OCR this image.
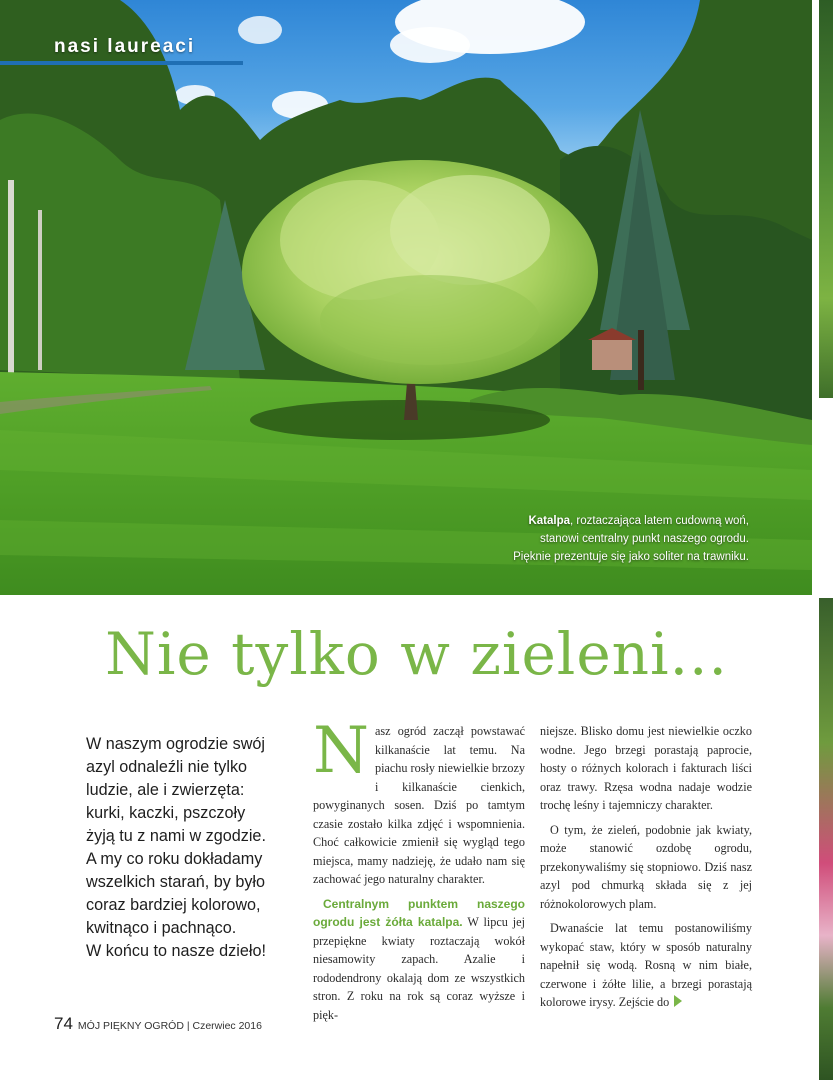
nasi laureaci
Katalpa, roztaczająca latem cudowną woń,
stanowi centralny punkt naszego ogrodu.
Pięknie prezentuje się jako soliter na trawniku.
Nie tylko w zieleni...
W naszym ogrodzie swój
azyl odnaleźli nie tylko
ludzie, ale i zwierzęta:
kurki, kaczki, pszczoły
żyją tu z nami w zgodzie.
A my co roku dokładamy
wszelkich starań, by było
coraz bardziej kolorowo,
kwitnąco i pachnąco.
W końcu to nasze dzieło!

Nasz ogród zaczął powstawać kilkanaście lat temu. Na piachu rosły niewielkie brzozy i kilkanaście cienkich, powyginanych sosen. Dziś po tamtym czasie zostało kilka zdjęć i wspomnienia. Choć całkowicie zmienił się wygląd tego miejsca, mamy nadzieję, że udało nam się zachować jego naturalny charakter.

Centralnym punktem naszego ogrodu jest żółta katalpa. W lipcu jej przepiękne kwiaty roztaczają wokół niesamowity zapach. Azalie i rododendrony okalają dom ze wszystkich stron. Z roku na rok są coraz wyższe i pięk-

niejsze. Blisko domu jest niewielkie oczko wodne. Jego brzegi porastają paprocie, hosty o różnych kolorach i fakturach liści oraz trawy. Rzęsa wodna nadaje wodzie trochę leśny i tajemniczy charakter.

O tym, że zieleń, podobnie jak kwiaty, może stanowić ozdobę ogrodu, przekonywaliśmy się stopniowo. Dziś nasz azyl pod chmurką składa się z jej różnokolorowych plam.

Dwanaście lat temu postanowiliśmy wykopać staw, który w sposób naturalny napełnił się wodą. Rosną w nim białe, czerwone i żółte lilie, a brzegi porastają kolorowe irysy. Zejście do

74 MÓJ PIĘKNY OGRÓD | Czerwiec 2016
